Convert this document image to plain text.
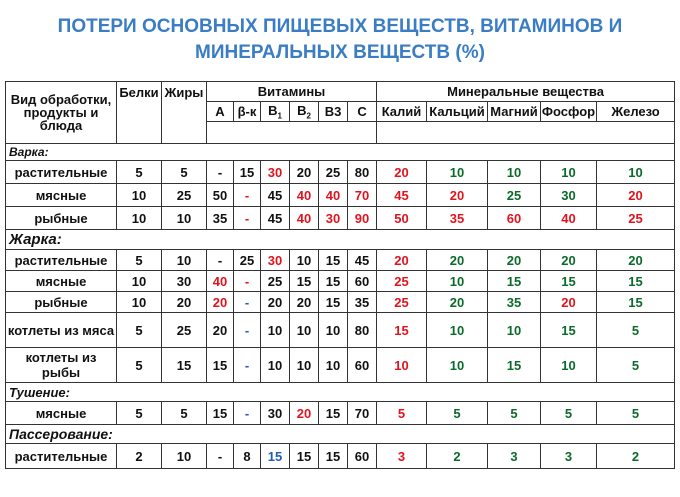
ПОТЕРИ ОСНОВНЫХ ПИЩЕВЫХ ВЕЩЕСТВ, ВИТАМИНОВ И
МИНЕРАЛЬНЫХ ВЕЩЕСТВ (%)
Вид обработки, продукты и блюда	Белки	Жиры	Витамины						Минеральные вещества				
			A	β-к	$B_1$	$B_2$	B3	C	Калий	Кальций	Магний	Фосфор	Железо

Варка:													
растительные	5	5	-	15	30	20	25	80	20	10	10	10	10
мясные	10	25	50	-	45	40	40	70	45	20	25	30	20
рыбные	10	10	35	-	45	40	30	90	50	35	60	40	25
Жарка:													
растительные	5	10	-	25	30	10	15	45	20	20	20	20	20
мясные	10	30	40	-	25	15	15	60	25	10	15	15	15
рыбные	10	20	20	-	20	20	15	35	25	20	35	20	15
котлеты из мяса	5	25	20	-	10	10	10	80	15	10	10	15	5
котлеты из рыбы	5	15	15	-	10	10	10	60	10	10	15	10	5
Тушение:													
мясные	5	5	15	-	30	20	15	70	5	5	5	5	5
Пассерование:													
растительные	2	10	-	8	15	15	15	60	3	2	3	3	2
